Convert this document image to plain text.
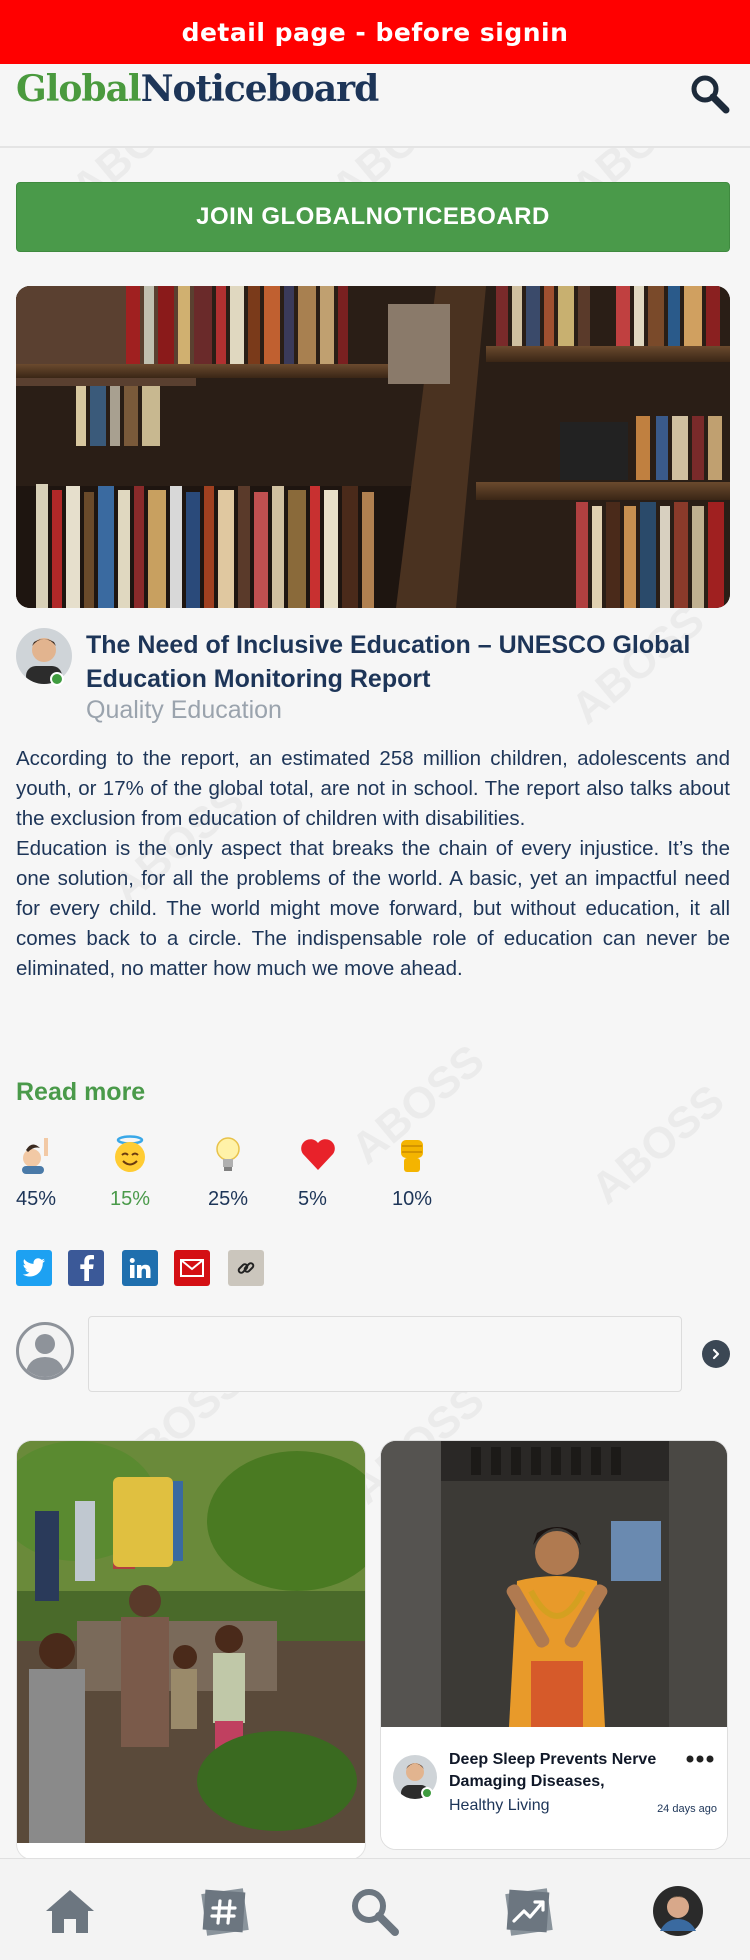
detail page - before signin
GlobalNoticeboard
JOIN GLOBALNOTICEBOARD
The Need of Inclusive Education – UNESCO Global Education Monitoring Report
Quality Education

According to the report, an estimated 258 million children, adolescents and youth, or 17% of the global total, are not in school. The report also talks about the exclusion from education of children with disabilities.

Education is the only aspect that breaks the chain of every injustice. It’s the one solution, for all the problems of the world. A basic, yet an impactful need for every child. The world might move forward, but without education, it all comes back to a circle. The indispensable role of education can never be eliminated, no matter how much we move ahead.

Read more
45%	15%	25%	5%	10%
Deep Sleep Prevents Nerve Damaging Diseases,
Healthy Living	24 days ago
